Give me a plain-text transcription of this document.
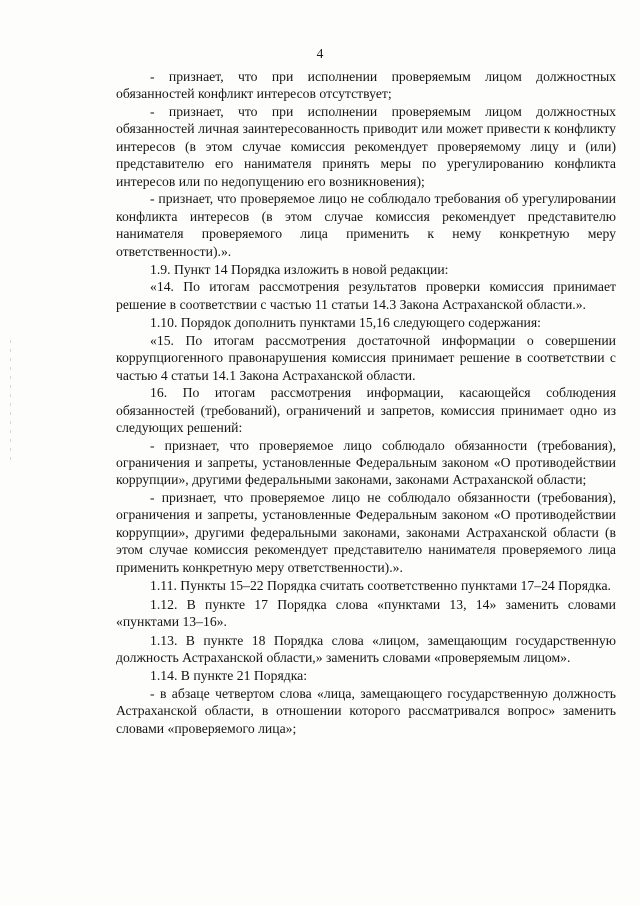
4

- признает, что при исполнении проверяемым лицом должностных обязанностей конфликт интересов отсутствует;

- признает, что при исполнении проверяемым лицом должностных обязанностей личная заинтересованность приводит или может привести к конфликту интересов (в этом случае комиссия рекомендует проверяемому лицу и (или) представителю его нанимателя принять меры по урегулированию конфликта интересов или по недопущению его возникновения);

- признает, что проверяемое лицо не соблюдало требования об урегулировании конфликта интересов (в этом случае комиссия рекомендует представителю нанимателя проверяемого лица применить к нему конкретную меру ответственности).».

1.9. Пункт 14 Порядка изложить в новой редакции:

«14. По итогам рассмотрения результатов проверки комиссия принимает решение в соответствии с частью 11 статьи 14.3 Закона Астраханской области.».

1.10. Порядок дополнить пунктами 15,16 следующего содержания:

«15. По итогам рассмотрения достаточной информации о совершении коррупциогенного правонарушения комиссия принимает решение в соответствии с частью 4 статьи 14.1 Закона Астраханской области.

16. По итогам рассмотрения информации, касающейся соблюдения обязанностей (требований), ограничений и запретов, комиссия принимает одно из следующих решений:

- признает, что проверяемое лицо соблюдало обязанности (требования), ограничения и запреты, установленные Федеральным законом «О противодействии коррупции», другими федеральными законами, законами Астраханской области;

- признает, что проверяемое лицо не соблюдало обязанности (требования), ограничения и запреты, установленные Федеральным законом «О противодействии коррупции», другими федеральными законами, законами Астраханской области (в этом случае комиссия рекомендует представителю нанимателя проверяемого лица применить конкретную меру ответственности).».

1.11. Пункты 15–22 Порядка считать соответственно пунктами 17–24 Порядка.

1.12. В пункте 17 Порядка слова «пунктами 13, 14» заменить словами «пунктами 13–16».

1.13. В пункте 18 Порядка слова «лицом, замещающим государственную должность Астраханской области,» заменить словами «проверяемым лицом».

1.14. В пункте 21 Порядка:

- в абзаце четвертом слова «лица, замещающего государственную должность Астраханской области, в отношении которого рассматривался вопрос» заменить словами «проверяемого лица»;
